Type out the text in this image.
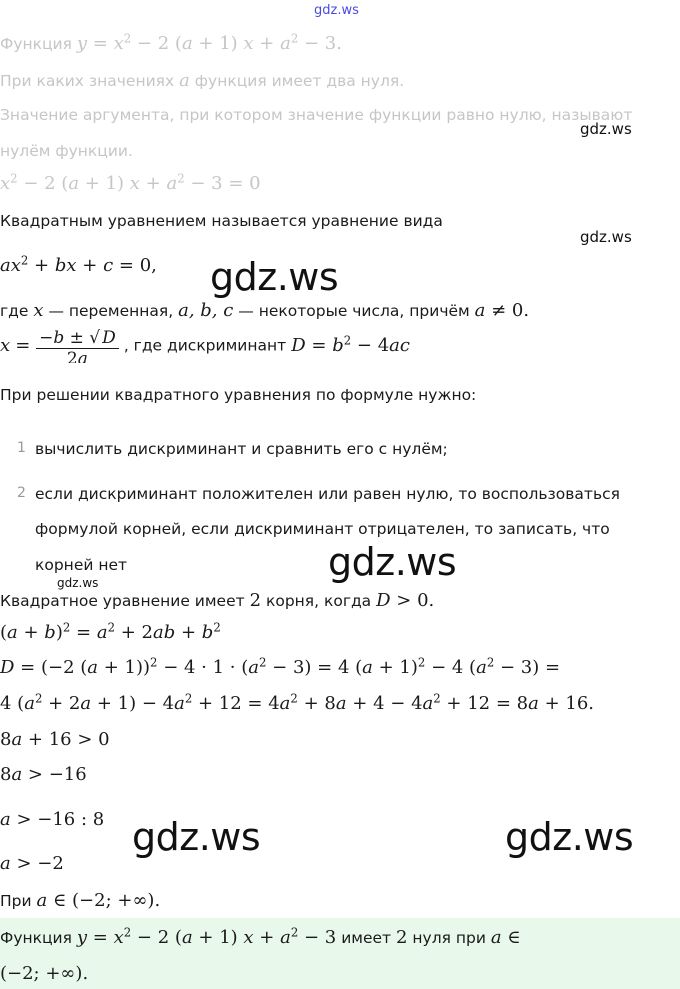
gdz.ws
Функция $y = x^2 - 2$ (a + 1) $x + a^2 - 3$.
При каких значениях a функция имеет два нуля.
Значение аргумента, при котором значение функции равно нулю, называют
нулём функции.
$x^2 - 2$ (a + 1) $x + a^2 - 3 = 0$
gdz.ws
gdz.ws
Квадратным уравнением называется уравнение вида
$ax^2$ + bx + c = 0, gdz.ws
где x — переменная, a, b, c — некоторые числа, причём a ≠ 0.
$x = \frac{-b \pm √ D}{2a}$ , где дискриминант $D = b^2 - 4ac$
При решении квадратного уравнения по формуле нужно:
1 вычислить дискриминант и сравнить его с нулём;
2 если дискриминант положителен или равен нулю, то воспользоваться
формулой корней, если дискриминант отрицателен, то записать, что
корней нет	gdz.ws
gdz.ws
Квадратное уравнение имеет 2 корня, когда D > 0.
$(a + b)^2 = a^2 + 2ab + b^2$
D = (−2 $(a + 1))^2 - 4 \cdot 1 \cdot (a^2 - 3) = 4$ $(a + 1)^2 - 4$ $(a^2 - 3)$ =
4 $(a^2 + 2a + 1) - 4a^2 + 12 = 4a^2 + 8a + 4 - 4a^2 + 12 = 8a + 16$.
8a + 16 > 0
8a > −16
a > −16 : 8 gdz.ws	gdz.ws
a > −2
При a ∈ (−2; +∞).
Функция $y = x^2 - 2$ (a + 1) $x + a^2 - 3$ имеет 2 нуля при a ∈
(−2; +∞).
